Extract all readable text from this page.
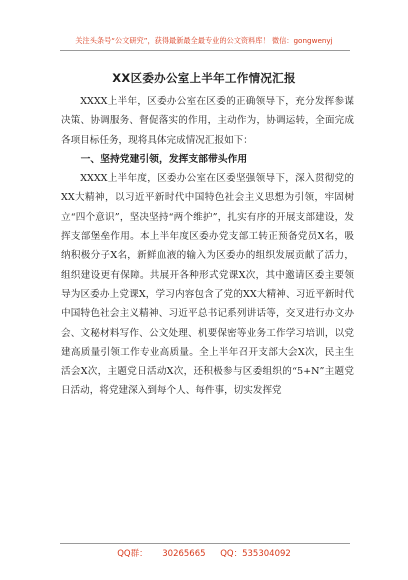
关注头条号“公文研究”，获得最新最全最专业的公文资料库！ 微信：gongwenyj
XX区委办公室上半年工作情况汇报

XXXX上半年，区委办公室在区委的正确领导下，充分发挥参谋决策、协调服务、督促落实的作用，主动作为，协调运转，全面完成各项目标任务，现将具体完成情况汇报如下：

一、坚持党建引领，发挥支部带头作用

XXXX上半年度，区委办公室在区委坚强领导下，深入贯彻党的XX大精神，以习近平新时代中国特色社会主义思想为引领，牢固树立“四个意识”，坚决坚持“两个维护”，扎实有序的开展支部建设，发挥支部堡垒作用。本上半年度区委办党支部工转正预备党员X名，吸纳积极分子X名，新鲜血液的输入为区委办的组织发展贡献了活力，组织建设更有保障。共展开各种形式党课X次，其中邀请区委主要领导为区委办上党课X，学习内容包含了党的XX大精神、习近平新时代中国特色社会主义精神、习近平总书记系列讲话等，交叉进行办文办会、文秘材料写作、公文处理、机要保密等业务工作学习培训，以党建高质量引领工作专业高质量。全上半年召开支部大会X次，民主生活会X次，主题党日活动X次，还积极参与区委组织的“5+N”主题党日活动，将党建深入到每个人、每件事，切实发挥党

QQ群： 30265665 QQ：535304092
